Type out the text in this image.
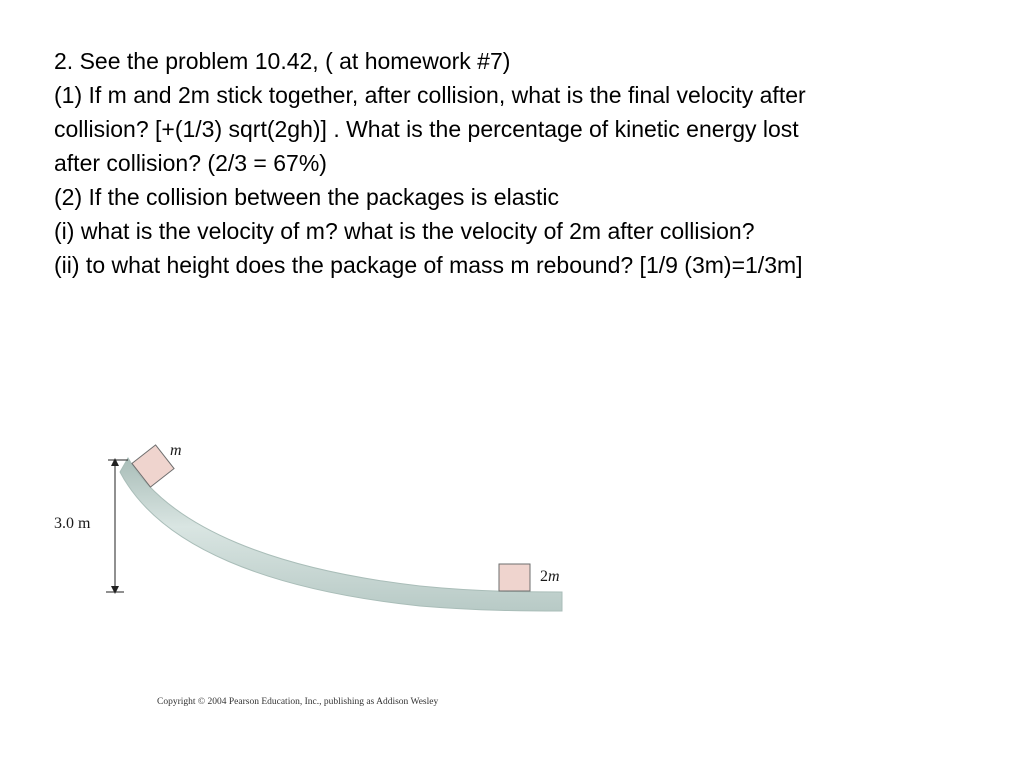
2. See the problem 10.42, ( at homework #7)
(1) If m and 2m stick together, after collision, what is the final velocity after
collision? [+(1/3) sqrt(2gh)] . What is the percentage of kinetic energy lost
after collision? (2/3 = 67%)
(2) If the collision between the packages is elastic
(i) what is the velocity of m? what is the velocity of 2m after collision?
(ii) to what height does the package of mass m rebound? [1/9 (3m)=1/3m]
3.0 m
m
2m
Copyright © 2004 Pearson Education, Inc., publishing as Addison Wesley
